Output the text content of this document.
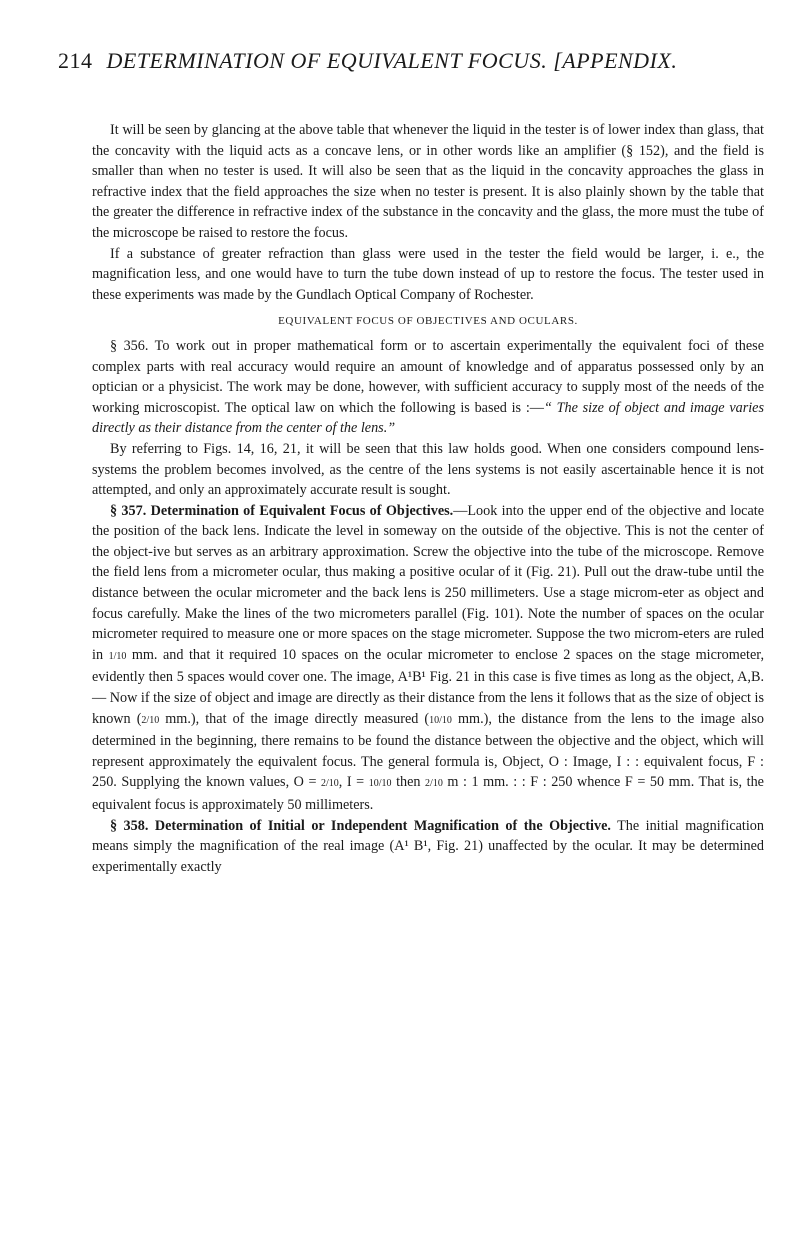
214 DETERMINATION OF EQUIVALENT FOCUS. [APPENDIX.

It will be seen by glancing at the above table that whenever the liquid in the tester is of lower index than glass, that the concavity with the liquid acts as a concave lens, or in other words like an amplifier (§ 152), and the field is smaller than when no tester is used. It will also be seen that as the liquid in the concavity approaches the glass in refractive index that the field approaches the size when no tester is present. It is also plainly shown by the table that the greater the difference in refractive index of the substance in the concavity and the glass, the more must the tube of the microscope be raised to restore the focus.

If a substance of greater refraction than glass were used in the tester the field would be larger, i. e., the magnification less, and one would have to turn the tube down instead of up to restore the focus. The tester used in these experiments was made by the Gundlach Optical Company of Rochester.

EQUIVALENT FOCUS OF OBJECTIVES AND OCULARS.

§ 356. To work out in proper mathematical form or to ascertain experimentally the equivalent foci of these complex parts with real accuracy would require an amount of knowledge and of apparatus possessed only by an optician or a physicist. The work may be done, however, with sufficient accuracy to supply most of the needs of the working microscopist. The optical law on which the following is based is :—“ The size of object and image varies directly as their distance from the center of the lens.”

By referring to Figs. 14, 16, 21, it will be seen that this law holds good. When one considers compound lens-systems the problem becomes involved, as the centre of the lens systems is not easily ascertainable hence it is not attempted, and only an approximately accurate result is sought.

§ 357. Determination of Equivalent Focus of Objectives.—Look into the upper end of the objective and locate the position of the back lens. Indicate the level in someway on the outside of the objective. This is not the center of the object-ive but serves as an arbitrary approximation. Screw the objective into the tube of the microscope. Remove the field lens from a micrometer ocular, thus making a positive ocular of it (Fig. 21). Pull out the draw-tube until the distance between the ocular micrometer and the back lens is 250 millimeters. Use a stage microm-eter as object and focus carefully. Make the lines of the two micrometers parallel (Fig. 101). Note the number of spaces on the ocular micrometer required to measure one or more spaces on the stage micrometer. Suppose the two microm-eters are ruled in 1/10 mm. and that it required 10 spaces on the ocular micrometer to enclose 2 spaces on the stage micrometer, evidently then 5 spaces would cover one. The image, A¹B¹ Fig. 21 in this case is five times as long as the object, A,B.— Now if the size of object and image are directly as their distance from the lens it follows that as the size of object is known (2/10 mm.), that of the image directly measured (10/10 mm.), the distance from the lens to the image also determined in the beginning, there remains to be found the distance between the objective and the object, which will represent approximately the equivalent focus. The general formula is, Object, O : Image, I : : equivalent focus, F : 250. Supplying the known values, O = 2/10, I = 10/10 then 2/10 m : 1 mm. : : F : 250 whence F = 50 mm. That is, the equivalent focus is approximately 50 millimeters.

§ 358. Determination of Initial or Independent Magnification of the Objective. The initial magnification means simply the magnification of the real image (A¹ B¹, Fig. 21) unaffected by the ocular. It may be determined experimentally exactly
